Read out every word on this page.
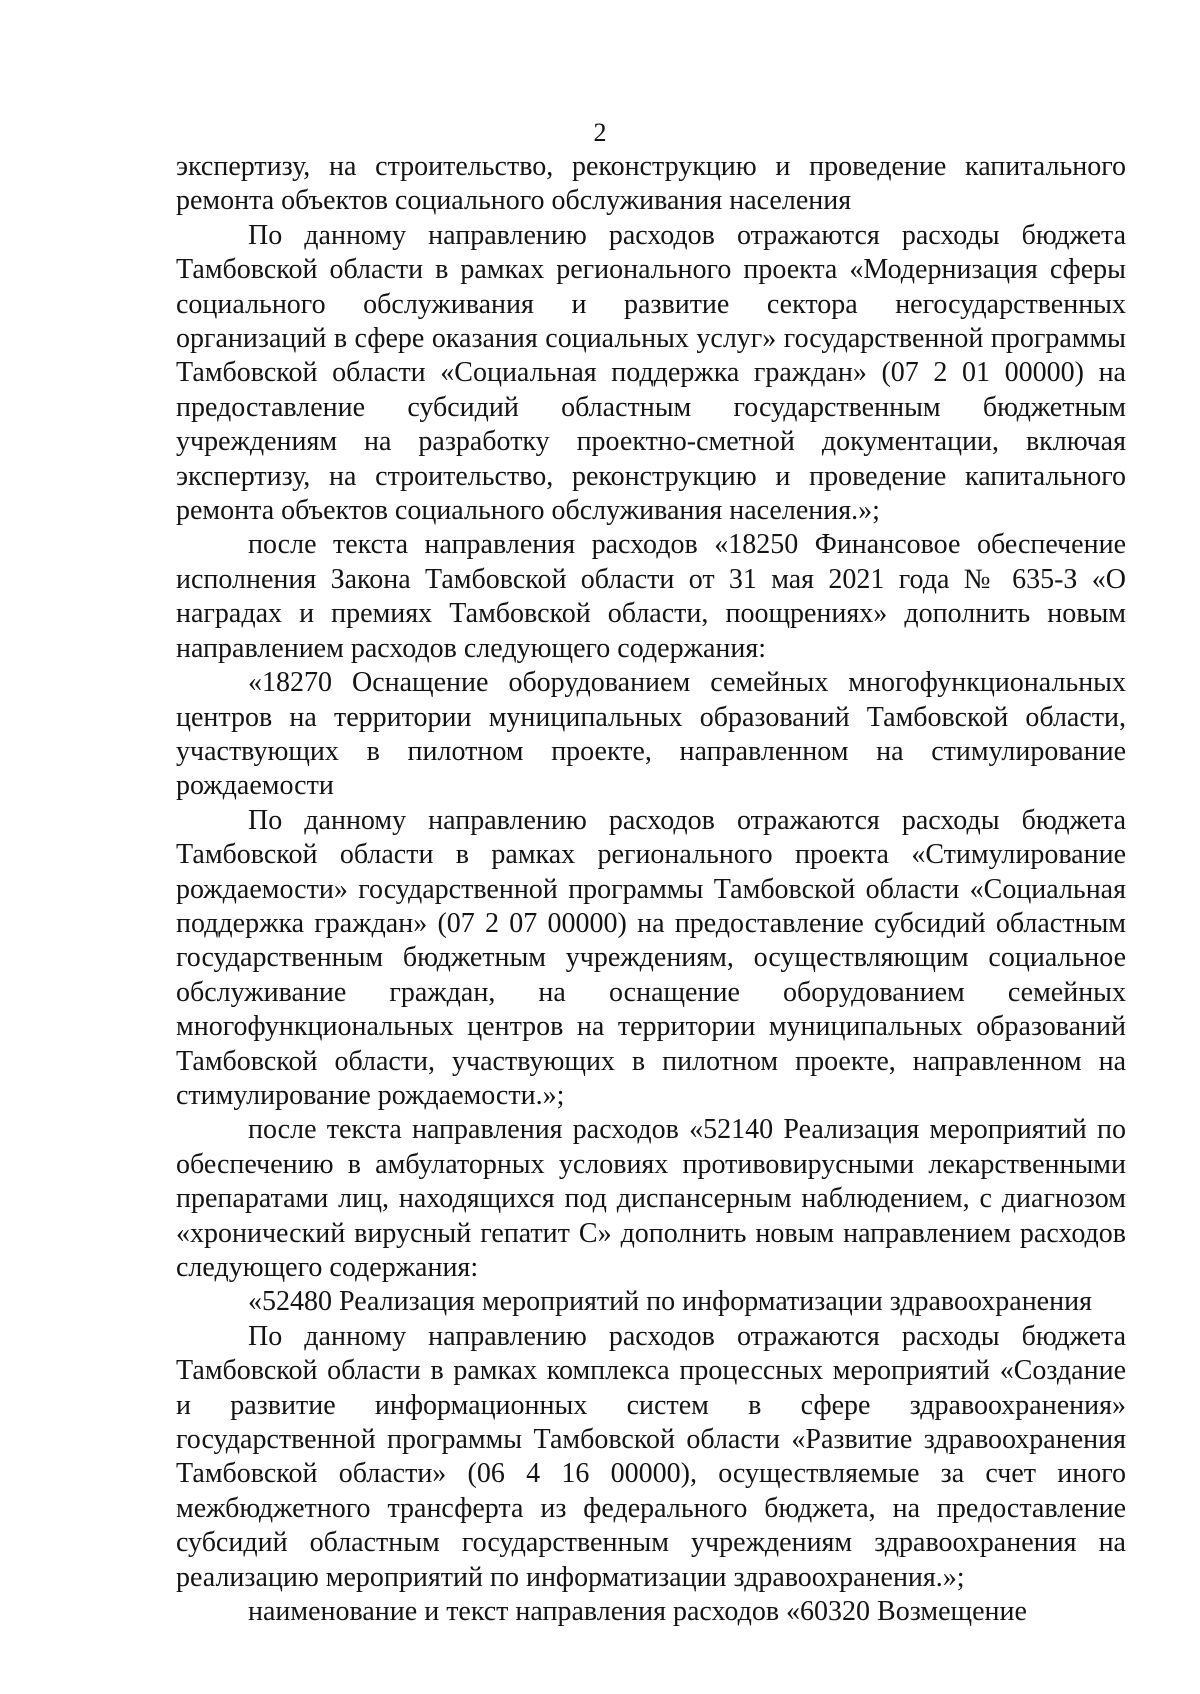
2

экспертизу, на строительство, реконструкцию и проведение капитального ремонта объектов социального обслуживания населения

По данному направлению расходов отражаются расходы бюджета Тамбовской области в рамках регионального проекта «Модернизация сферы социального обслуживания и развитие сектора негосударственных организаций в сфере оказания социальных услуг» государственной программы Тамбовской области «Социальная поддержка граждан» (07 2 01 00000) на предоставление субсидий областным государственным бюджетным учреждениям на разработку проектно-сметной документации, включая экспертизу, на строительство, реконструкцию и проведение капитального ремонта объектов социального обслуживания населения.»;

после текста направления расходов «18250 Финансовое обеспечение исполнения Закона Тамбовской области от 31 мая 2021 года № 635-З «О наградах и премиях Тамбовской области, поощрениях» дополнить новым направлением расходов следующего содержания:

«18270 Оснащение оборудованием семейных многофункциональных центров на территории муниципальных образований Тамбовской области, участвующих в пилотном проекте, направленном на стимулирование рождаемости

По данному направлению расходов отражаются расходы бюджета Тамбовской области в рамках регионального проекта «Стимулирование рождаемости» государственной программы Тамбовской области «Социальная поддержка граждан» (07 2 07 00000) на предоставление субсидий областным государственным бюджетным учреждениям, осуществляющим социальное обслуживание граждан, на оснащение оборудованием семейных многофункциональных центров на территории муниципальных образований Тамбовской области, участвующих в пилотном проекте, направленном на стимулирование рождаемости.»;

после текста направления расходов «52140 Реализация мероприятий по обеспечению в амбулаторных условиях противовирусными лекарственными препаратами лиц, находящихся под диспансерным наблюдением, с диагнозом «хронический вирусный гепатит С» дополнить новым направлением расходов следующего содержания:

«52480 Реализация мероприятий по информатизации здравоохранения

По данному направлению расходов отражаются расходы бюджета Тамбовской области в рамках комплекса процессных мероприятий «Создание и развитие информационных систем в сфере здравоохранения» государственной программы Тамбовской области «Развитие здравоохранения Тамбовской области» (06 4 16 00000), осуществляемые за счет иного межбюджетного трансферта из федерального бюджета, на предоставление субсидий областным государственным учреждениям здравоохранения на реализацию мероприятий по информатизации здравоохранения.»;

наименование и текст направления расходов «60320 Возмещение
